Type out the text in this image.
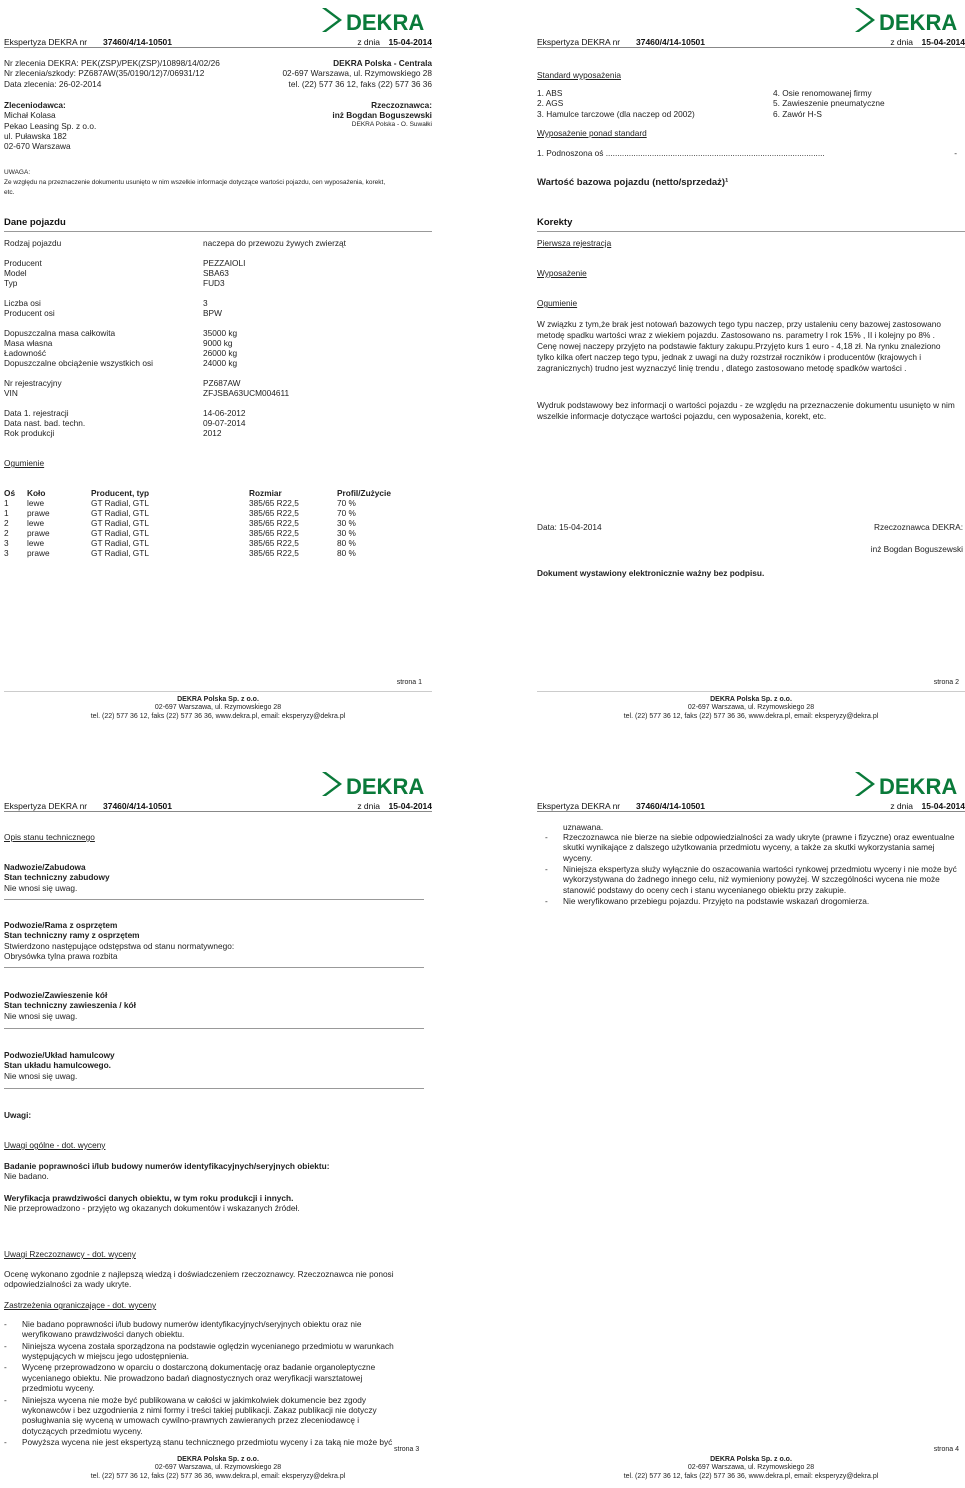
DEKRA
Ekspertyza DEKRA nr 37460/4/14-10501	z dnia 15-04-2014
Nr zlecenia DEKRA: PEK(ZSP)/PEK(ZSP)/10898/14/02/26
Nr zlecenia/szkody: PZ687AW(35/0190/12)7/06931/12
Data zlecenia: 26-02-2014
DEKRA Polska - Centrala
02-697 Warszawa, ul. Rzymowskiego 28
tel. (22) 577 36 12, faks (22) 577 36 36
Zleceniodawca:
Michał Kolasa
Pekao Leasing Sp. z o.o.
ul. Puławska 182
02-670 Warszawa
Rzeczoznawca:
inż Bogdan Boguszewski
DEKRA Polska - O. Suwałki
UWAGA:
Ze względu na przeznaczenie dokumentu usunięto w nim wszelkie informacje dotyczące wartości pojazdu, cen wyposażenia, korekt, etc.
Dane pojazdu
Rodzaj pojazdu	naczepa do przewozu żywych zwierząt
Producent	PEZZAIOLI
Model	SBA63
Typ	FUD3
Liczba osi	3
Producent osi	BPW
Dopuszczalna masa całkowita	35000 kg
Masa własna	9000 kg
Ładowność	26000 kg
Dopuszczalne obciążenie wszystkich osi	24000 kg
Nr rejestracyjny	PZ687AW
VIN	ZFJSBA63UCM004611
Data 1. rejestracji	14-06-2012
Data nast. bad. techn.	09-07-2014
Rok produkcji	2012
Ogumienie
Oś Koło	Producent, typ	Rozmiar	Profil/Zużycie
1 lewe	GT Radial, GTL	385/65 R22,5	70 %
1 prawe	GT Radial, GTL	385/65 R22,5	70 %
2 lewe	GT Radial, GTL	385/65 R22,5	30 %
2 prawe	GT Radial, GTL	385/65 R22,5	30 %
3 lewe	GT Radial, GTL	385/65 R22,5	80 %
3 prawe	GT Radial, GTL	385/65 R22,5	80 %
strona 1
DEKRA Polska Sp. z o.o.
02-697 Warszawa, ul. Rzymowskiego 28
tel. (22) 577 36 12, faks (22) 577 36 36, www.dekra.pl, email: eksperyzy@dekra.pl
DEKRA
Ekspertyza DEKRA nr 37460/4/14-10501	z dnia 15-04-2014
Standard wyposażenia
1. ABS
2. AGS
3. Hamulce tarczowe (dla naczep od 2002)
4. Osie renomowanej firmy
5. Zawieszenie pneumatyczne
6. Zawór H-S
Wyposażenie ponad standard
1. Podnoszona oś ...............................................................................................	-
Wartość bazowa pojazdu (netto/sprzedaż)¹
Korekty
Pierwsza rejestracja
Wyposażenie
Ogumienie
W związku z tym,że brak jest notowań bazowych tego typu naczep, przy ustaleniu ceny bazowej zastosowano metodę spadku wartości wraz z wiekiem pojazdu. Zastosowano ns. parametry I rok 15% , II i kolejny po 8% . Cenę nowej naczepy przyjęto na podstawie faktury zakupu.Przyjęto kurs 1 euro - 4,18 zł. Na rynku znaleziono tylko kilka ofert naczep tego typu, jednak z uwagi na duży rozstrzał roczników i producentów (krajowych i zagranicznych) trudno jest wyznaczyć linię trendu , dlatego zastosowano metodę spadków wartości .
Wydruk podstawowy bez informacji o wartości pojazdu - ze względu na przeznaczenie dokumentu usunięto w nim wszelkie informacje dotyczące wartości pojazdu, cen wyposażenia, korekt, etc.
Data: 15-04-2014	Rzeczoznawca DEKRA:
inż Bogdan Boguszewski
Dokument wystawiony elektronicznie ważny bez podpisu.
strona 2
DEKRA Polska Sp. z o.o.
02-697 Warszawa, ul. Rzymowskiego 28
tel. (22) 577 36 12, faks (22) 577 36 36, www.dekra.pl, email: eksperyzy@dekra.pl
DEKRA
Ekspertyza DEKRA nr 37460/4/14-10501	z dnia 15-04-2014
Opis stanu technicznego
Nadwozie/Zabudowa
Stan techniczny zabudowy
Nie wnosi się uwag.
Podwozie/Rama z osprzętem
Stan techniczny ramy z osprzętem
Stwierdzono następujące odstępstwa od stanu normatywnego:
Obrysówka tylna prawa rozbita
Podwozie/Zawieszenie kół
Stan techniczny zawieszenia / kół
Nie wnosi się uwag.
Podwozie/Układ hamulcowy
Stan układu hamulcowego.
Nie wnosi się uwag.
Uwagi:
Uwagi ogólne - dot. wyceny
Badanie poprawności i/lub budowy numerów identyfikacyjnych/seryjnych obiektu:
Nie badano.
Weryfikacja prawdziwości danych obiektu, w tym roku produkcji i innych.
Nie przeprowadzono - przyjęto wg okazanych dokumentów i wskazanych źródeł.
Uwagi Rzeczoznawcy - dot. wyceny
Ocenę wykonano zgodnie z najlepszą wiedzą i doświadczeniem rzeczoznawcy. Rzeczoznawca nie ponosi odpowiedzialności za wady ukryte.
Zastrzeżenia ograniczające - dot. wyceny
- Nie badano poprawności i/lub budowy numerów identyfikacyjnych/seryjnych obiektu oraz nie weryfikowano prawdziwości danych obiektu.
- Niniejsza wycena została sporządzona na podstawie oględzin wycenianego przedmiotu w warunkach występujących w miejscu jego udostępnienia.
- Wycenę przeprowadzono w oparciu o dostarczoną dokumentację oraz badanie organoleptyczne wycenianego obiektu. Nie prowadzono badań diagnostycznych oraz weryfikacji warsztatowej przedmiotu wyceny.
- Niniejsza wycena nie może być publikowana w całości w jakimkolwiek dokumencie bez zgody wykonawców i bez uzgodnienia z nimi formy i treści takiej publikacji. Zakaz publikacji nie dotyczy posługiwania się wyceną w umowach cywilno-prawnych zawieranych przez zleceniodawcę i dotyczących przedmiotu wyceny.
- Powyższa wycena nie jest ekspertyzą stanu technicznego przedmiotu wyceny i za taką nie może być
strona 3
DEKRA Polska Sp. z o.o.
02-697 Warszawa, ul. Rzymowskiego 28
tel. (22) 577 36 12, faks (22) 577 36 36, www.dekra.pl, email: eksperyzy@dekra.pl
DEKRA
Ekspertyza DEKRA nr 37460/4/14-10501	z dnia 15-04-2014
uznawana.
- Rzeczoznawca nie bierze na siebie odpowiedzialności za wady ukryte (prawne i fizyczne) oraz ewentualne skutki wynikające z dalszego użytkowania przedmiotu wyceny, a także za skutki wykorzystania samej wyceny.
- Niniejsza ekspertyza służy wyłącznie do oszacowania wartości rynkowej przedmiotu wyceny i nie może być wykorzystywana do żadnego innego celu, niż wymieniony powyżej. W szczególności wycena nie może stanowić podstawy do oceny cech i stanu wycenianego obiektu przy zakupie.
- Nie weryfikowano przebiegu pojazdu. Przyjęto na podstawie wskazań drogomierza.
strona 4
DEKRA Polska Sp. z o.o.
02-697 Warszawa, ul. Rzymowskiego 28
tel. (22) 577 36 12, faks (22) 577 36 36, www.dekra.pl, email: eksperyzy@dekra.pl
